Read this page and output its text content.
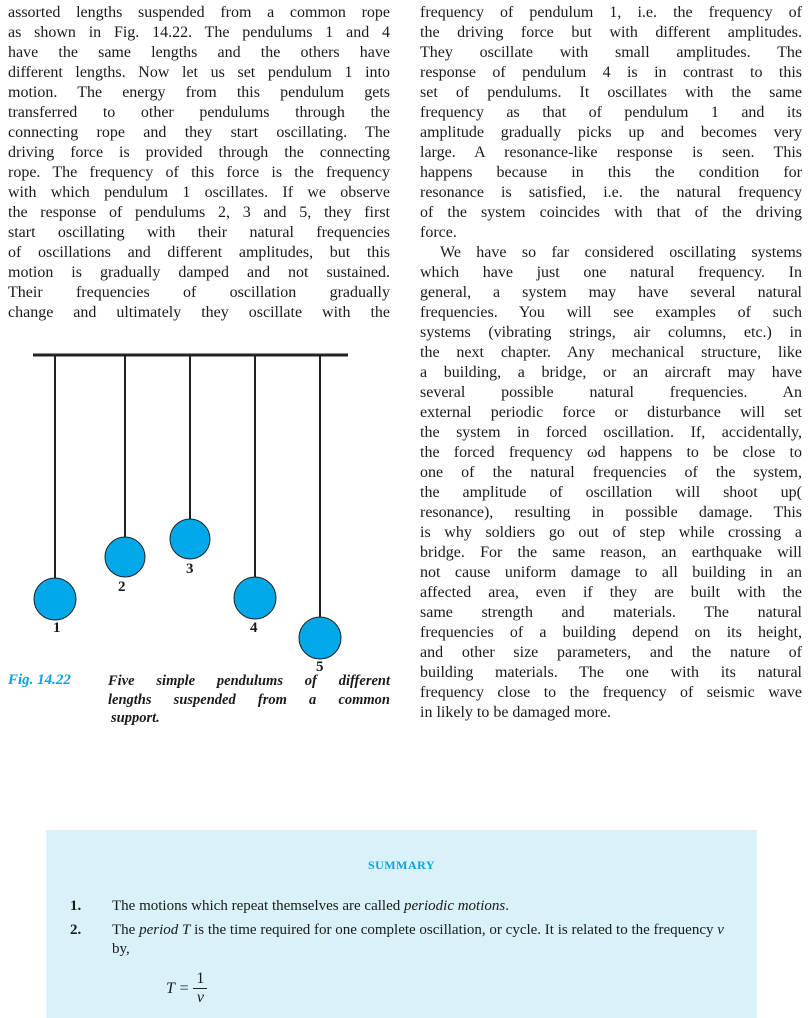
assorted lengths suspended from a common rope
as shown in Fig. 14.22. The pendulums 1 and 4
have the same lengths and the others have
different lengths. Now let us set pendulum 1 into
motion. The energy from this pendulum gets
transferred to other pendulums through the
connecting rope and they start oscillating. The
driving force is provided through the connecting
rope. The frequency of this force is the frequency
with which pendulum 1 oscillates. If we observe
the response of pendulums 2, 3 and 5, they first
start oscillating with their natural frequencies
of oscillations and different amplitudes, but this
motion is gradually damped and not sustained.
Their frequencies of oscillation gradually
change and ultimately they oscillate with the
frequency of pendulum 1, i.e. the frequency of
the driving force but with different amplitudes.
They oscillate with small amplitudes. The
response of pendulum 4 is in contrast to this
set of pendulums. It oscillates with the same
frequency as that of pendulum 1 and its
amplitude gradually picks up and becomes very
large. A resonance-like response is seen. This
happens because in this the condition for
resonance is satisfied, i.e. the natural frequency
of the system coincides with that of the driving
force.
We have so far considered oscillating systems
which have just one natural frequency. In
general, a system may have several natural
frequencies. You will see examples of such
systems (vibrating strings, air columns, etc.) in
the next chapter. Any mechanical structure, like
a building, a bridge, or an aircraft may have
several possible natural frequencies. An
external periodic force or disturbance will set
the system in forced oscillation. If, accidentally,
the forced frequency ωd happens to be close to
one of the natural frequencies of the system,
the amplitude of oscillation will shoot up(
resonance), resulting in possible damage. This
is why soldiers go out of step while crossing a
bridge. For the same reason, an earthquake will
not cause uniform damage to all building in an
affected area, even if they are built with the
same strength and materials. The natural
frequencies of a building depend on its height,
and other size parameters, and the nature of
building materials. The one with its natural
frequency close to the frequency of seismic wave
in likely to be damaged more.
1
2
3
4
5
Fig. 14.22	Five simple pendulums of different
lengths suspended from a common
support.
SUMMARY
1. The motions which repeat themselves are called periodic motions.
2. The period T is the time required for one complete oscillation, or cycle. It is related to the frequency ν by,
$T = \frac{1}{\nu}$
